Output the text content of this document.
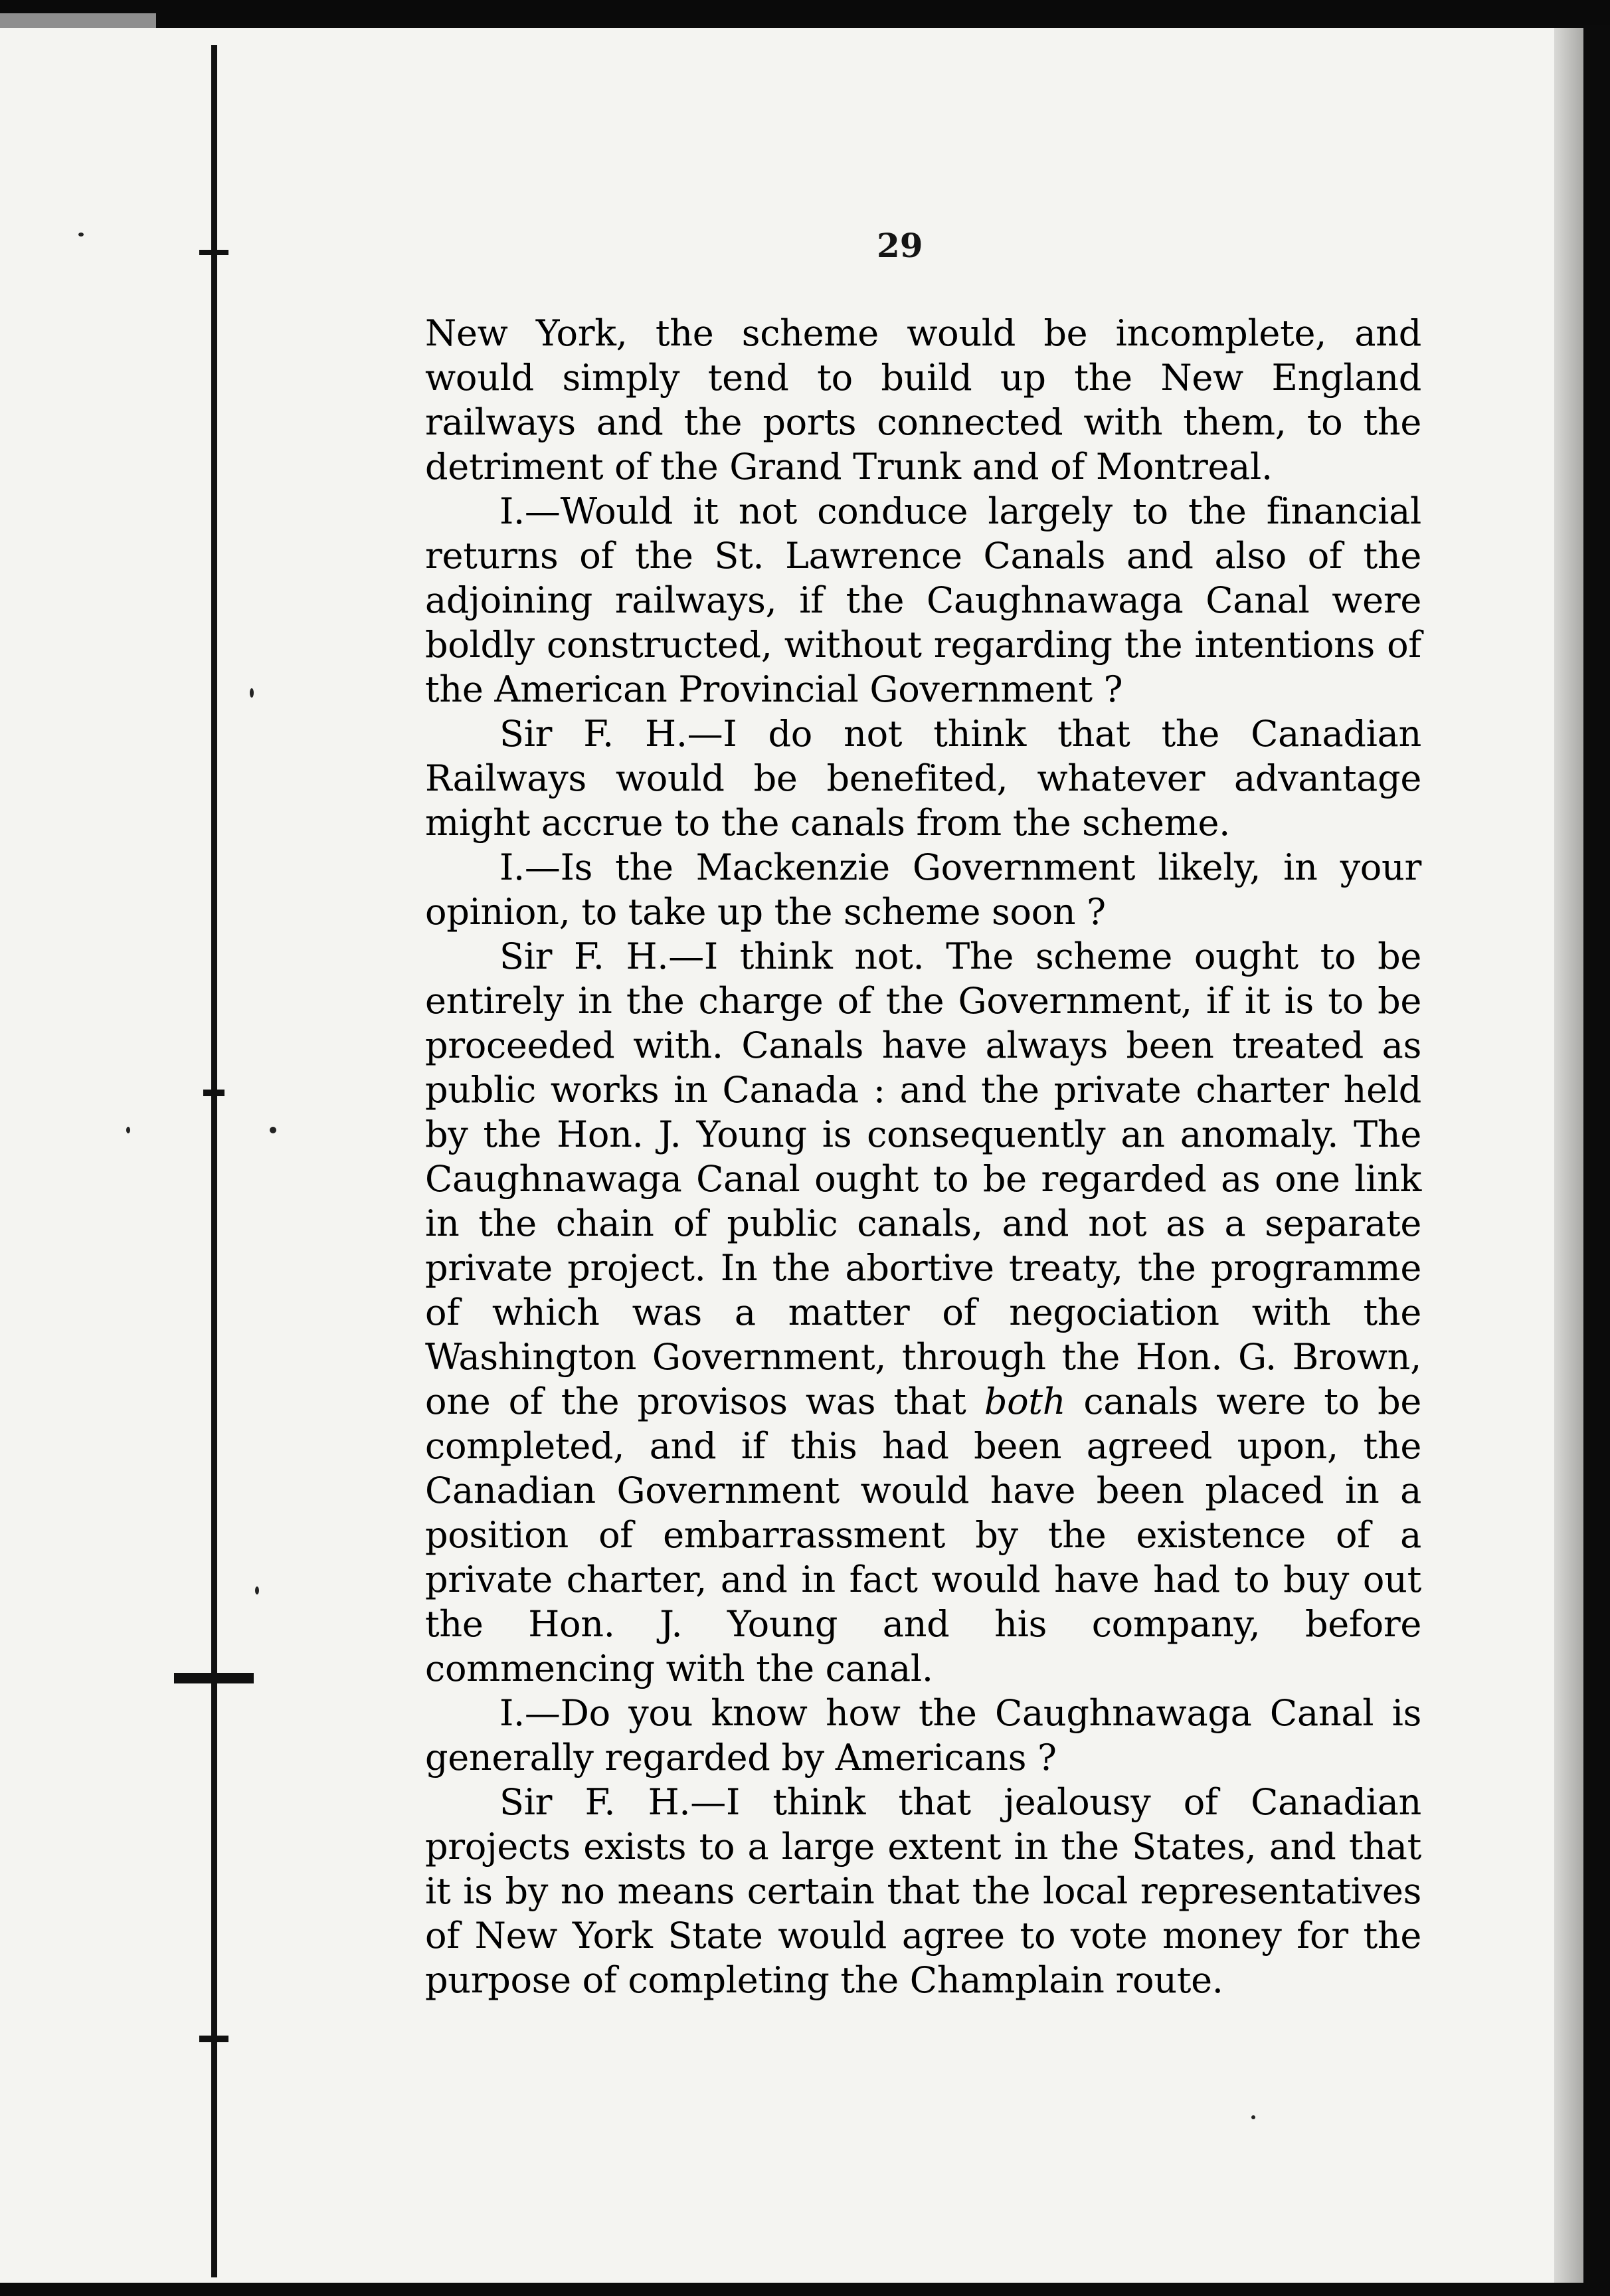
29

New York, the scheme would be incomplete, and would simply tend to build up the New England railways and the ports connected with them, to the detriment of the Grand Trunk and of Montreal.

I.—Would it not conduce largely to the financial returns of the St. Lawrence Canals and also of the adjoining railways, if the Caughnawaga Canal were boldly constructed, without regarding the intentions of the American Provincial Government ?

Sir F. H.—I do not think that the Canadian Railways would be benefited, whatever advantage might accrue to the canals from the scheme.

I.—Is the Mackenzie Government likely, in your opinion, to take up the scheme soon ?

Sir F. H.—I think not. The scheme ought to be entirely in the charge of the Government, if it is to be proceeded with. Canals have always been treated as public works in Canada : and the private charter held by the Hon. J. Young is consequently an anomaly. The Caughnawaga Canal ought to be regarded as one link in the chain of public canals, and not as a separate private project. In the abortive treaty, the programme of which was a matter of negociation with the Washington Government, through the Hon. G. Brown, one of the provisos was that both canals were to be completed, and if this had been agreed upon, the Canadian Government would have been placed in a position of embarrassment by the existence of a private charter, and in fact would have had to buy out the Hon. J. Young and his company, before commencing with the canal.

I.—Do you know how the Caughnawaga Canal is generally regarded by Americans ?

Sir F. H.—I think that jealousy of Canadian projects exists to a large extent in the States, and that it is by no means certain that the local representatives of New York State would agree to vote money for the purpose of completing the Champlain route.
